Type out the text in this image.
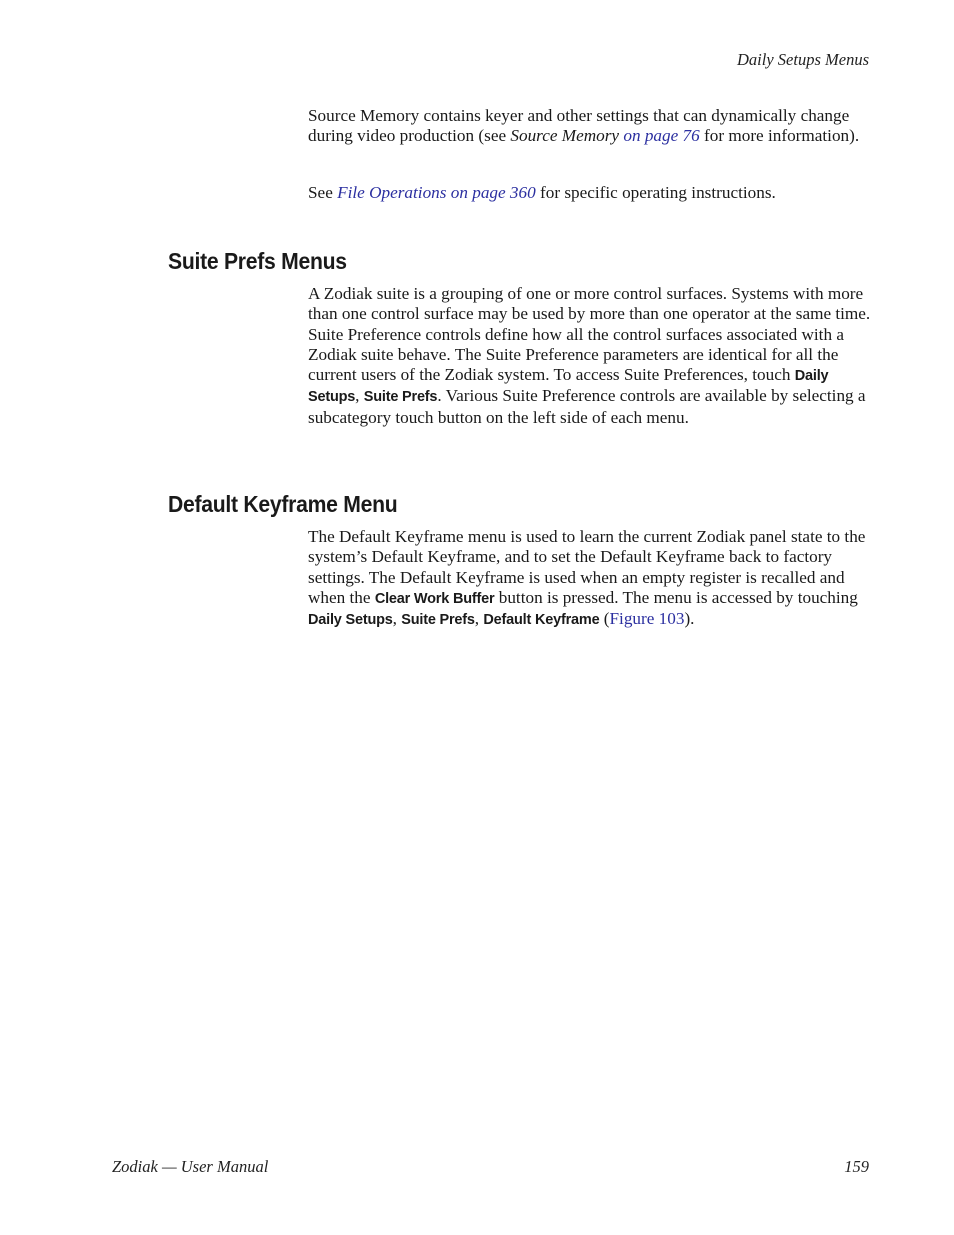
Daily Setups Menus

Source Memory contains keyer and other settings that can dynamically change during video production (see Source Memory on page 76 for more information).

See File Operations on page 360 for specific operating instructions.

Suite Prefs Menus

A Zodiak suite is a grouping of one or more control surfaces. Systems with more than one control surface may be used by more than one operator at the same time. Suite Preference controls define how all the control surfaces associated with a Zodiak suite behave. The Suite Preference parameters are identical for all the current users of the Zodiak system. To access Suite Preferences, touch Daily Setups, Suite Prefs. Various Suite Preference controls are available by selecting a subcategory touch button on the left side of each menu.

Default Keyframe Menu

The Default Keyframe menu is used to learn the current Zodiak panel state to the system’s Default Keyframe, and to set the Default Keyframe back to factory settings. The Default Keyframe is used when an empty register is recalled and when the Clear Work Buffer button is pressed. The menu is accessed by touching Daily Setups, Suite Prefs, Default Keyframe (Figure 103).

Zodiak — User Manual	159
